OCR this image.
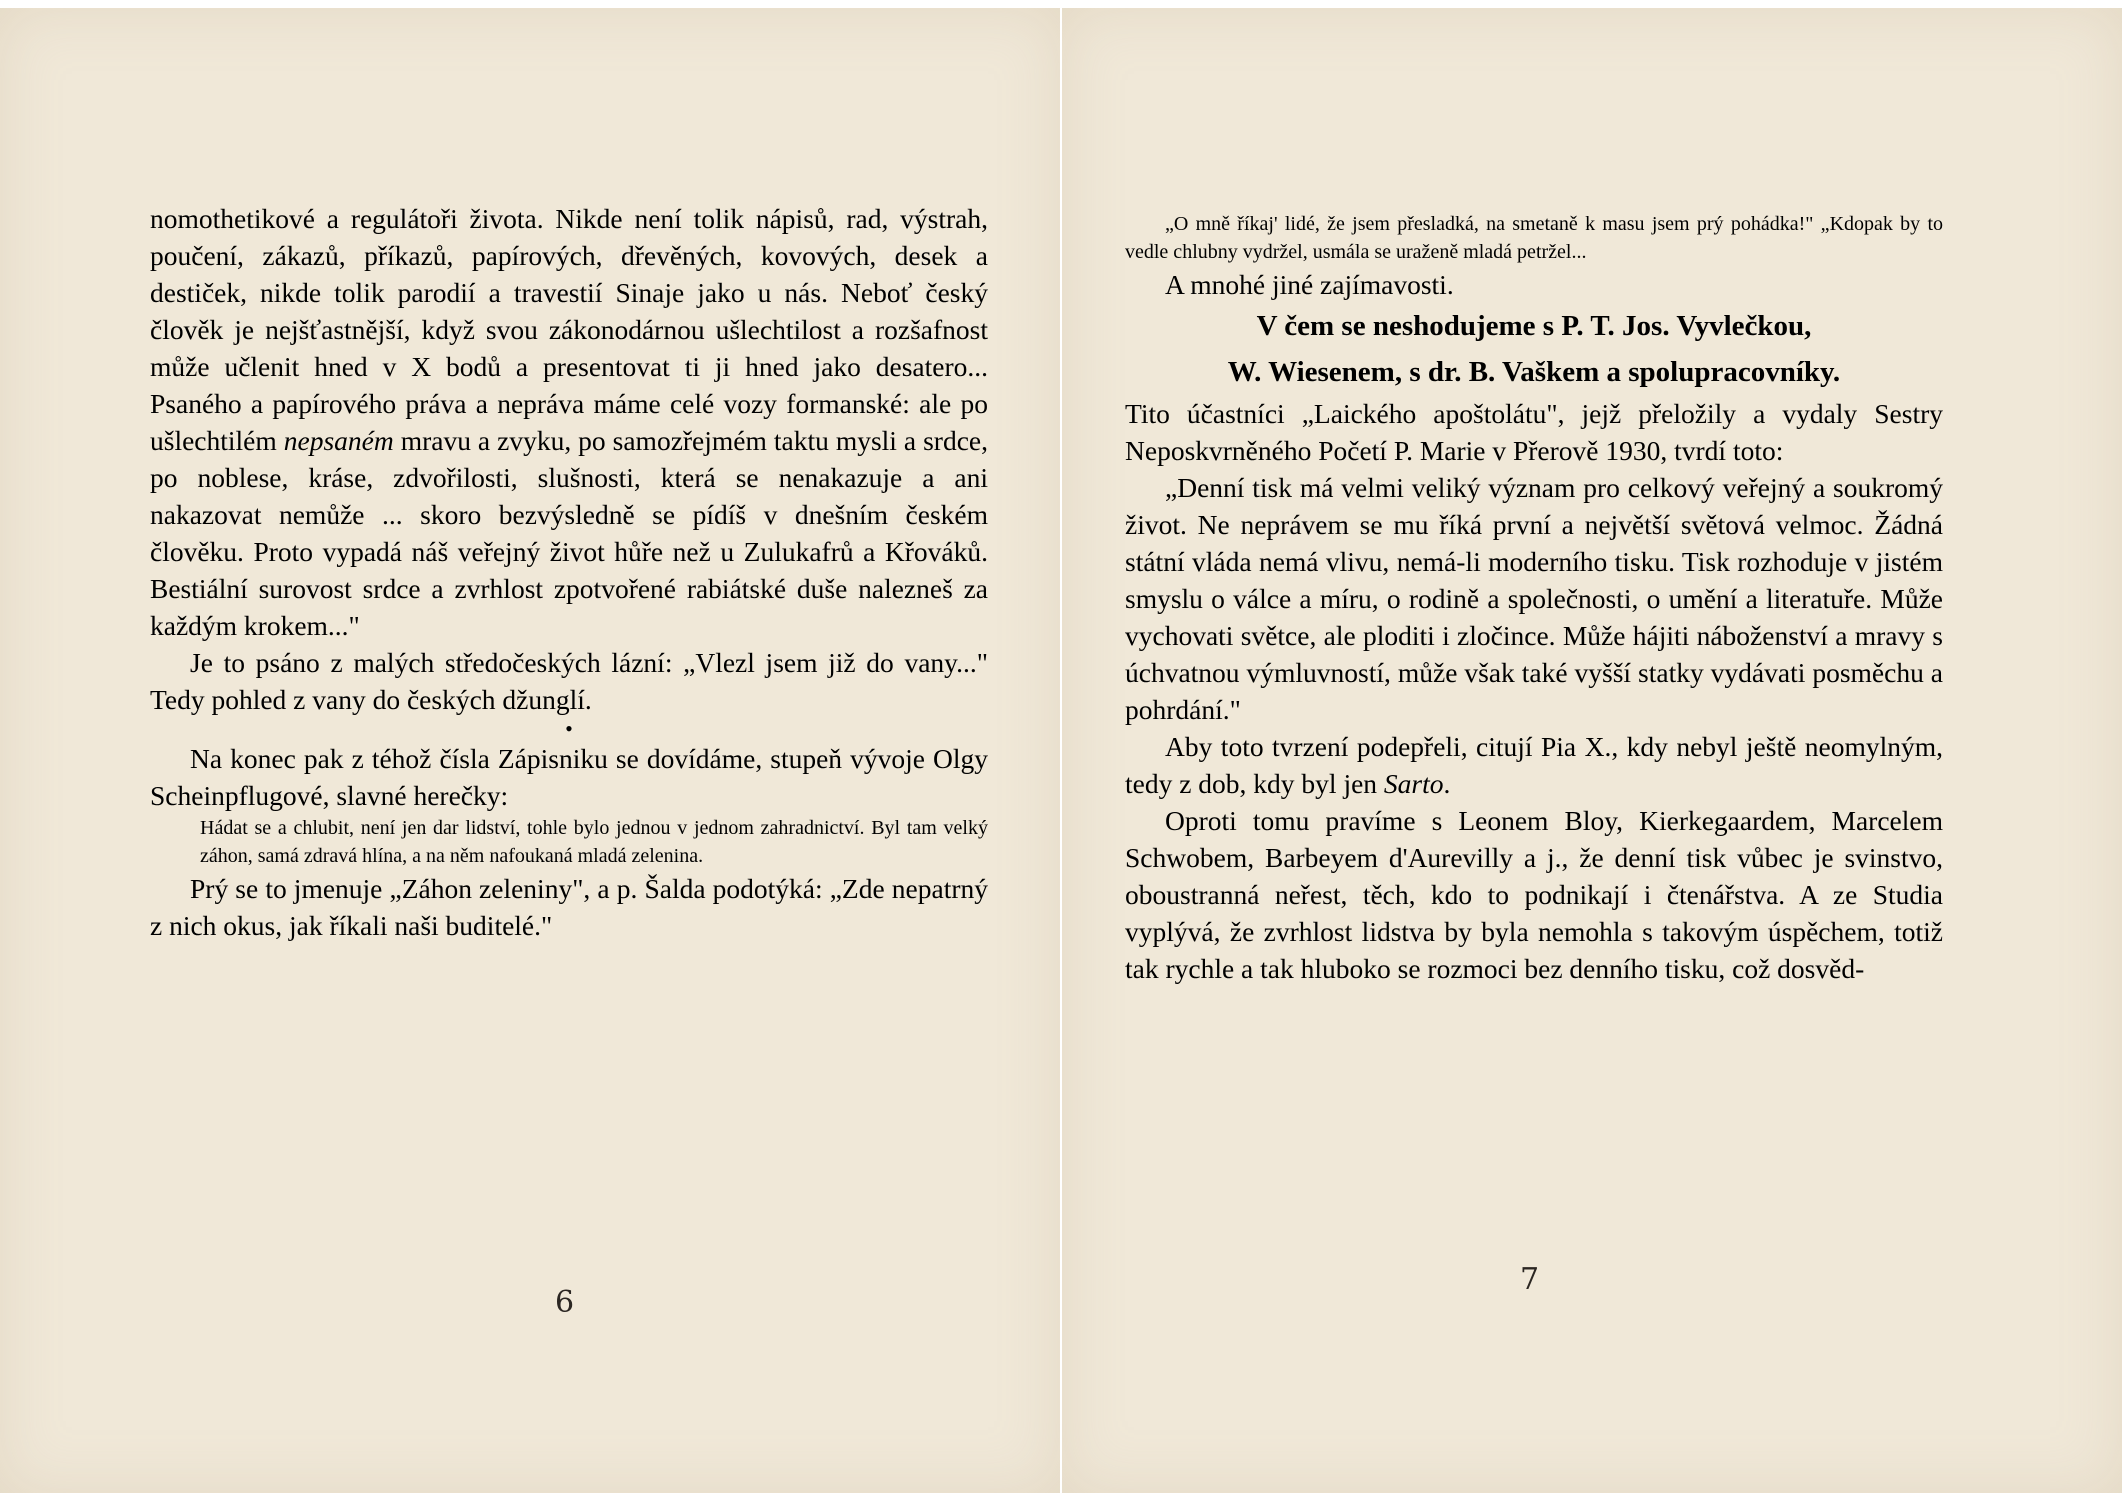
nomothetikové a regulátoři života. Nikde není tolik nápisů, rad, výstrah, poučení, zákazů, příkazů, papírových, dřevěných, kovových, desek a destiček, nikde tolik parodií a travestií Sinaje jako u nás. Neboť český člověk je nejšťastnější, když svou zákonodárnou ušlechtilost a rozšafnost může učlenit hned v X bodů a presentovat ti ji hned jako desatero... Psaného a papírového práva a nepráva máme celé vozy formanské: ale po ušlechtilém nepsaném mravu a zvyku, po samozřejmém taktu mysli a srdce, po noblese, kráse, zdvořilosti, slušnosti, která se nenakazuje a ani nakazovat nemůže ... skoro bezvýsledně se pídíš v dnešním českém člověku. Proto vypadá náš veřejný život hůře než u Zulukafrů a Křováků. Bestiální surovost srdce a zvrhlost zpotvořené rabiátské duše nalezneš za každým krokem..."

Je to psáno z malých středočeských lázní: „Vlezl jsem již do vany..." Tedy pohled z vany do českých džunglí.

•

Na konec pak z téhož čísla Zápisniku se dovídáme, stupeň vývoje Olgy Scheinpflugové, slavné herečky:

Hádat se a chlubit, není jen dar lidství, tohle bylo jednou v jednom zahradnictví. Byl tam velký záhon, samá zdravá hlína, a na něm nafoukaná mladá zelenina.

Prý se to jmenuje „Záhon zeleniny", a p. Šalda podotýká: „Zde nepatrný z nich okus, jak říkali naši buditelé."

6

„O mně říkaj' lidé, že jsem přesladká, na smetaně k masu jsem prý pohádka!" „Kdopak by to vedle chlubny vydržel, usmála se uraženě mladá petržel...

A mnohé jiné zajímavosti.

V čem se neshodujeme s P. T. Jos. Vyvlečkou,
W. Wiesenem, s dr. B. Vaškem a spolupracovníky.

Tito účastníci „Laického apoštolátu", jejž přeložily a vydaly Sestry Neposkvrněného Početí P. Marie v Přerově 1930, tvrdí toto:

„Denní tisk má velmi veliký význam pro celkový veřejný a soukromý život. Ne neprávem se mu říká první a největší světová velmoc. Žádná státní vláda nemá vlivu, nemá-li moderního tisku. Tisk rozhoduje v jistém smyslu o válce a míru, o rodině a společnosti, o umění a literatuře. Může vychovati světce, ale ploditi i zločince. Může hájiti náboženství a mravy s úchvatnou výmluvností, může však také vyšší statky vydávati posměchu a pohrdání."

Aby toto tvrzení podepřeli, citují Pia X., kdy nebyl ještě neomylným, tedy z dob, kdy byl jen Sarto.

Oproti tomu pravíme s Leonem Bloy, Kierkegaardem, Marcelem Schwobem, Barbeyem d'Aurevilly a j., že denní tisk vůbec je svinstvo, oboustranná neřest, těch, kdo to podnikají i čtenářstva. A ze Studia vyplývá, že zvrhlost lidstva by byla nemohla s takovým úspěchem, totiž tak rychle a tak hluboko se rozmoci bez denního tisku, což dosvěd-

7
